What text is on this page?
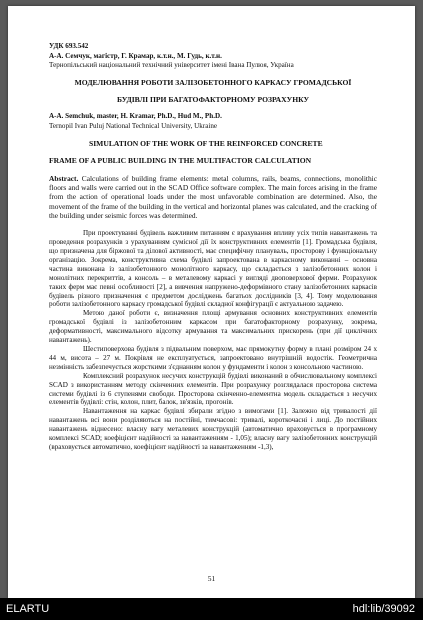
УДК 693.542

А-А. Семчук, магістр, Г. Крамар, к.т.н., М. Гудь, к.т.н.

Тернопільський національний технічний університет імені Івана Пулюя, Україна

МОДЕЛЮВАННЯ РОБОТИ ЗАЛІЗОБЕТОННОГО КАРКАСУ ГРОМАДСЬКОЇ

БУДІВЛІ ПРИ БАГАТОФАКТОРНОМУ РОЗРАХУНКУ

A-A. Semchuk, master, H. Kramar, Ph.D., Hud M., Ph.D.

Ternopil Ivan Puluj National Technical University, Ukraine

SIMULATION OF THE WORK OF THE REINFORCED CONCRETE

FRAME OF A PUBLIC BUILDING IN THE MULTIFACTOR CALCULATION

Abstract. Calculations of building frame elements: metal columns, rails, beams, connections, monolithic floors and walls were carried out in the SCAD Office software complex. The main forces arising in the frame from the action of operational loads under the most unfavorable combination are determined. Also, the movement of the frame of the building in the vertical and horizontal planes was calculated, and the cracking of the building under seismic forces was determined.

При проектуванні будівель важливим питанням є врахування впливу усіх типів навантажень та проведення розрахунків з урахуванням сумісної дії їх конструктивних елементів [1]. Громадська будівля, що призначена для біржової та ділової активності, має специфічну плануваль, просторову і функціональну організацію. Зокрема, конструктивна схема будівлі запроектована в каркасному виконанні – основна частина виконана із залізобетонного монолітного каркасу, що складається з залізобетонних колон і монолітних перекриттів, а консоль – в металевому каркасі у вигляді двоповерхової ферми. Розрахунок таких ферм має певні особливості [2], а вивчення напружено-деформівного стану залізобетонних каркасів будівель різного призначення є предметом досліджень багатьох дослідників [3, 4]. Тому моделювання роботи залізобетонного каркасу громадської будівлі складної конфігурації є актуальною задачею.

Метою даної роботи є, визначення площі армування основних конструктивних елементів громадської будівлі із залізобетонним каркасом при багатофакторному розрахунку, зокрема, деформативності, максимального відсотку армування та максимальних прискорень (при дії циклічних навантажень).

Шестиповерхова будівля з підвальним поверхом, має прямокутну форму в плані розміром 24 х 44 м, висота – 27 м. Покрівля не експлуатується, запроектовано внутрішній водостік. Геометрична незмінність забезпечується жорсткими з'єднанням колон у фундаменти і колон з консольною частиною.

Комплексний розрахунок несучих конструкцій будівлі виконаний в обчислювальному комплексі SCAD з використанням методу скінченних елементів. При розрахунку розглядалася просторова система системи будівлі із 6 ступенями свободи. Просторова скінченно-елементна модель складається з несучих елементів будівлі: стін, колон, плит, балок, зв'язків, прогонів.

Навантаження на каркас будівлі збирали згідно з вимогами [1]. Залежно від тривалості дії навантажень всі вони розділяються на постійні, тимчасові: тривалі, короткочасні і лиці. До постійних навантажень віднесено: власну вагу металевих конструкцій (автоматично враховується в програмному комплексі SCAD; коефіцієнт надійності за навантаженням - 1,05); власну вагу залізобетонних конструкцій (враховується автоматично, коефіцієнт надійності за навантаженням -1,3),

51
ELARTU	hdl:lib/39092
